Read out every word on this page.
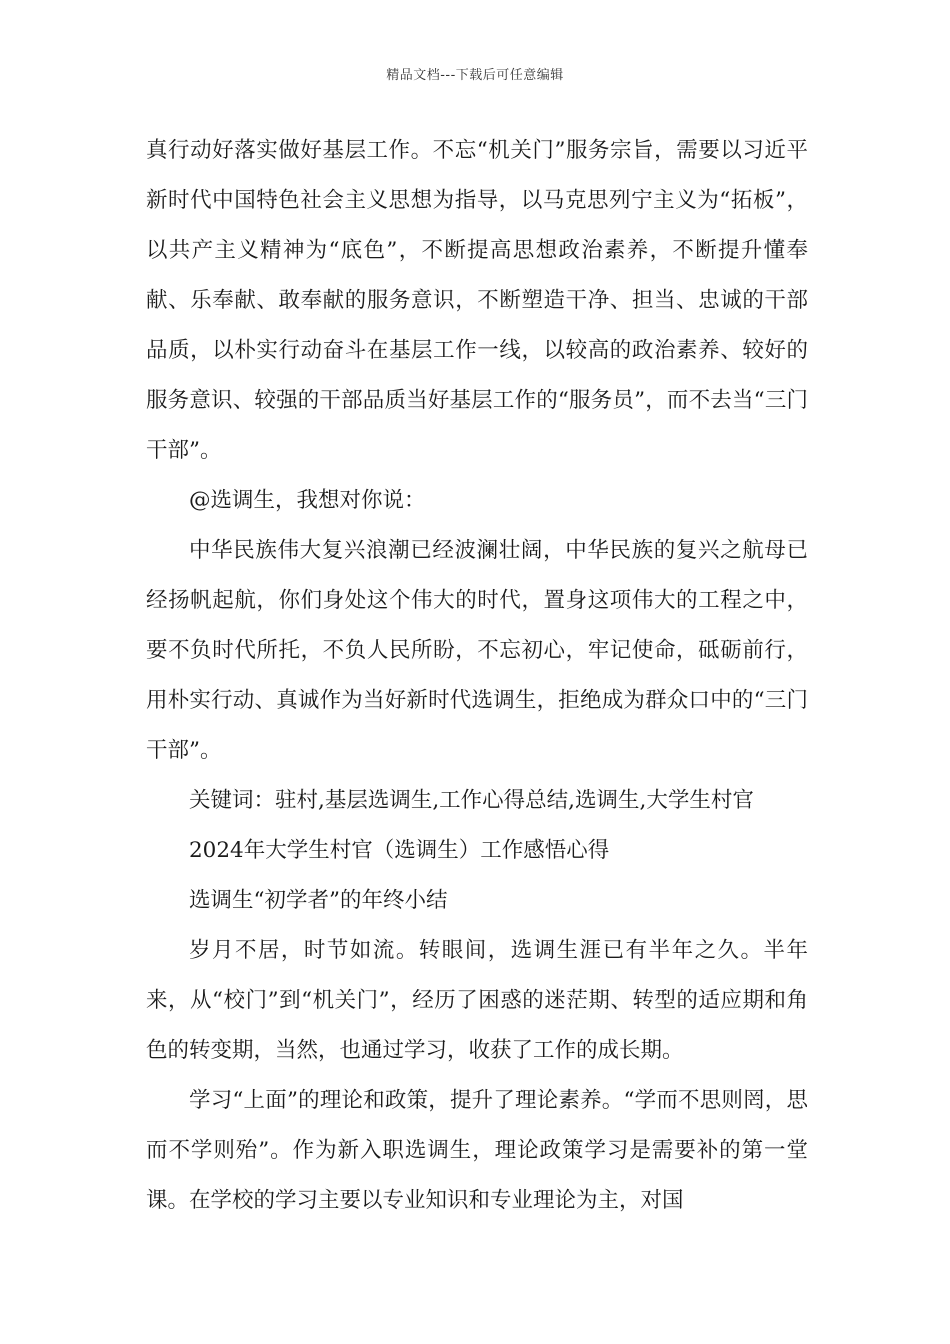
精品文档---下载后可任意编辑

真行动好落实做好基层工作。不忘“机关门”服务宗旨，需要以习近平新时代中国特色社会主义思想为指导，以马克思列宁主义为“拓板”，以共产主义精神为“底色”，不断提高思想政治素养，不断提升懂奉献、乐奉献、敢奉献的服务意识，不断塑造干净、担当、忠诚的干部品质，以朴实行动奋斗在基层工作一线，以较高的政治素养、较好的服务意识、较强的干部品质当好基层工作的“服务员”，而不去当“三门干部”。

@选调生，我想对你说：

中华民族伟大复兴浪潮已经波澜壮阔，中华民族的复兴之航母已经扬帆起航，你们身处这个伟大的时代，置身这项伟大的工程之中，要不负时代所托，不负人民所盼，不忘初心，牢记使命，砥砺前行，用朴实行动、真诚作为当好新时代选调生，拒绝成为群众口中的“三门干部”。

关键词：驻村,基层选调生,工作心得总结,选调生,大学生村官

2024年大学生村官（选调生）工作感悟心得

选调生“初学者”的年终小结

岁月不居，时节如流。转眼间，选调生涯已有半年之久。半年来，从“校门”到“机关门”，经历了困惑的迷茫期、转型的适应期和角色的转变期，当然，也通过学习，收获了工作的成长期。

学习“上面”的理论和政策，提升了理论素养。“学而不思则罔，思而不学则殆”。作为新入职选调生，理论政策学习是需要补的第一堂课。在学校的学习主要以专业知识和专业理论为主，对国
